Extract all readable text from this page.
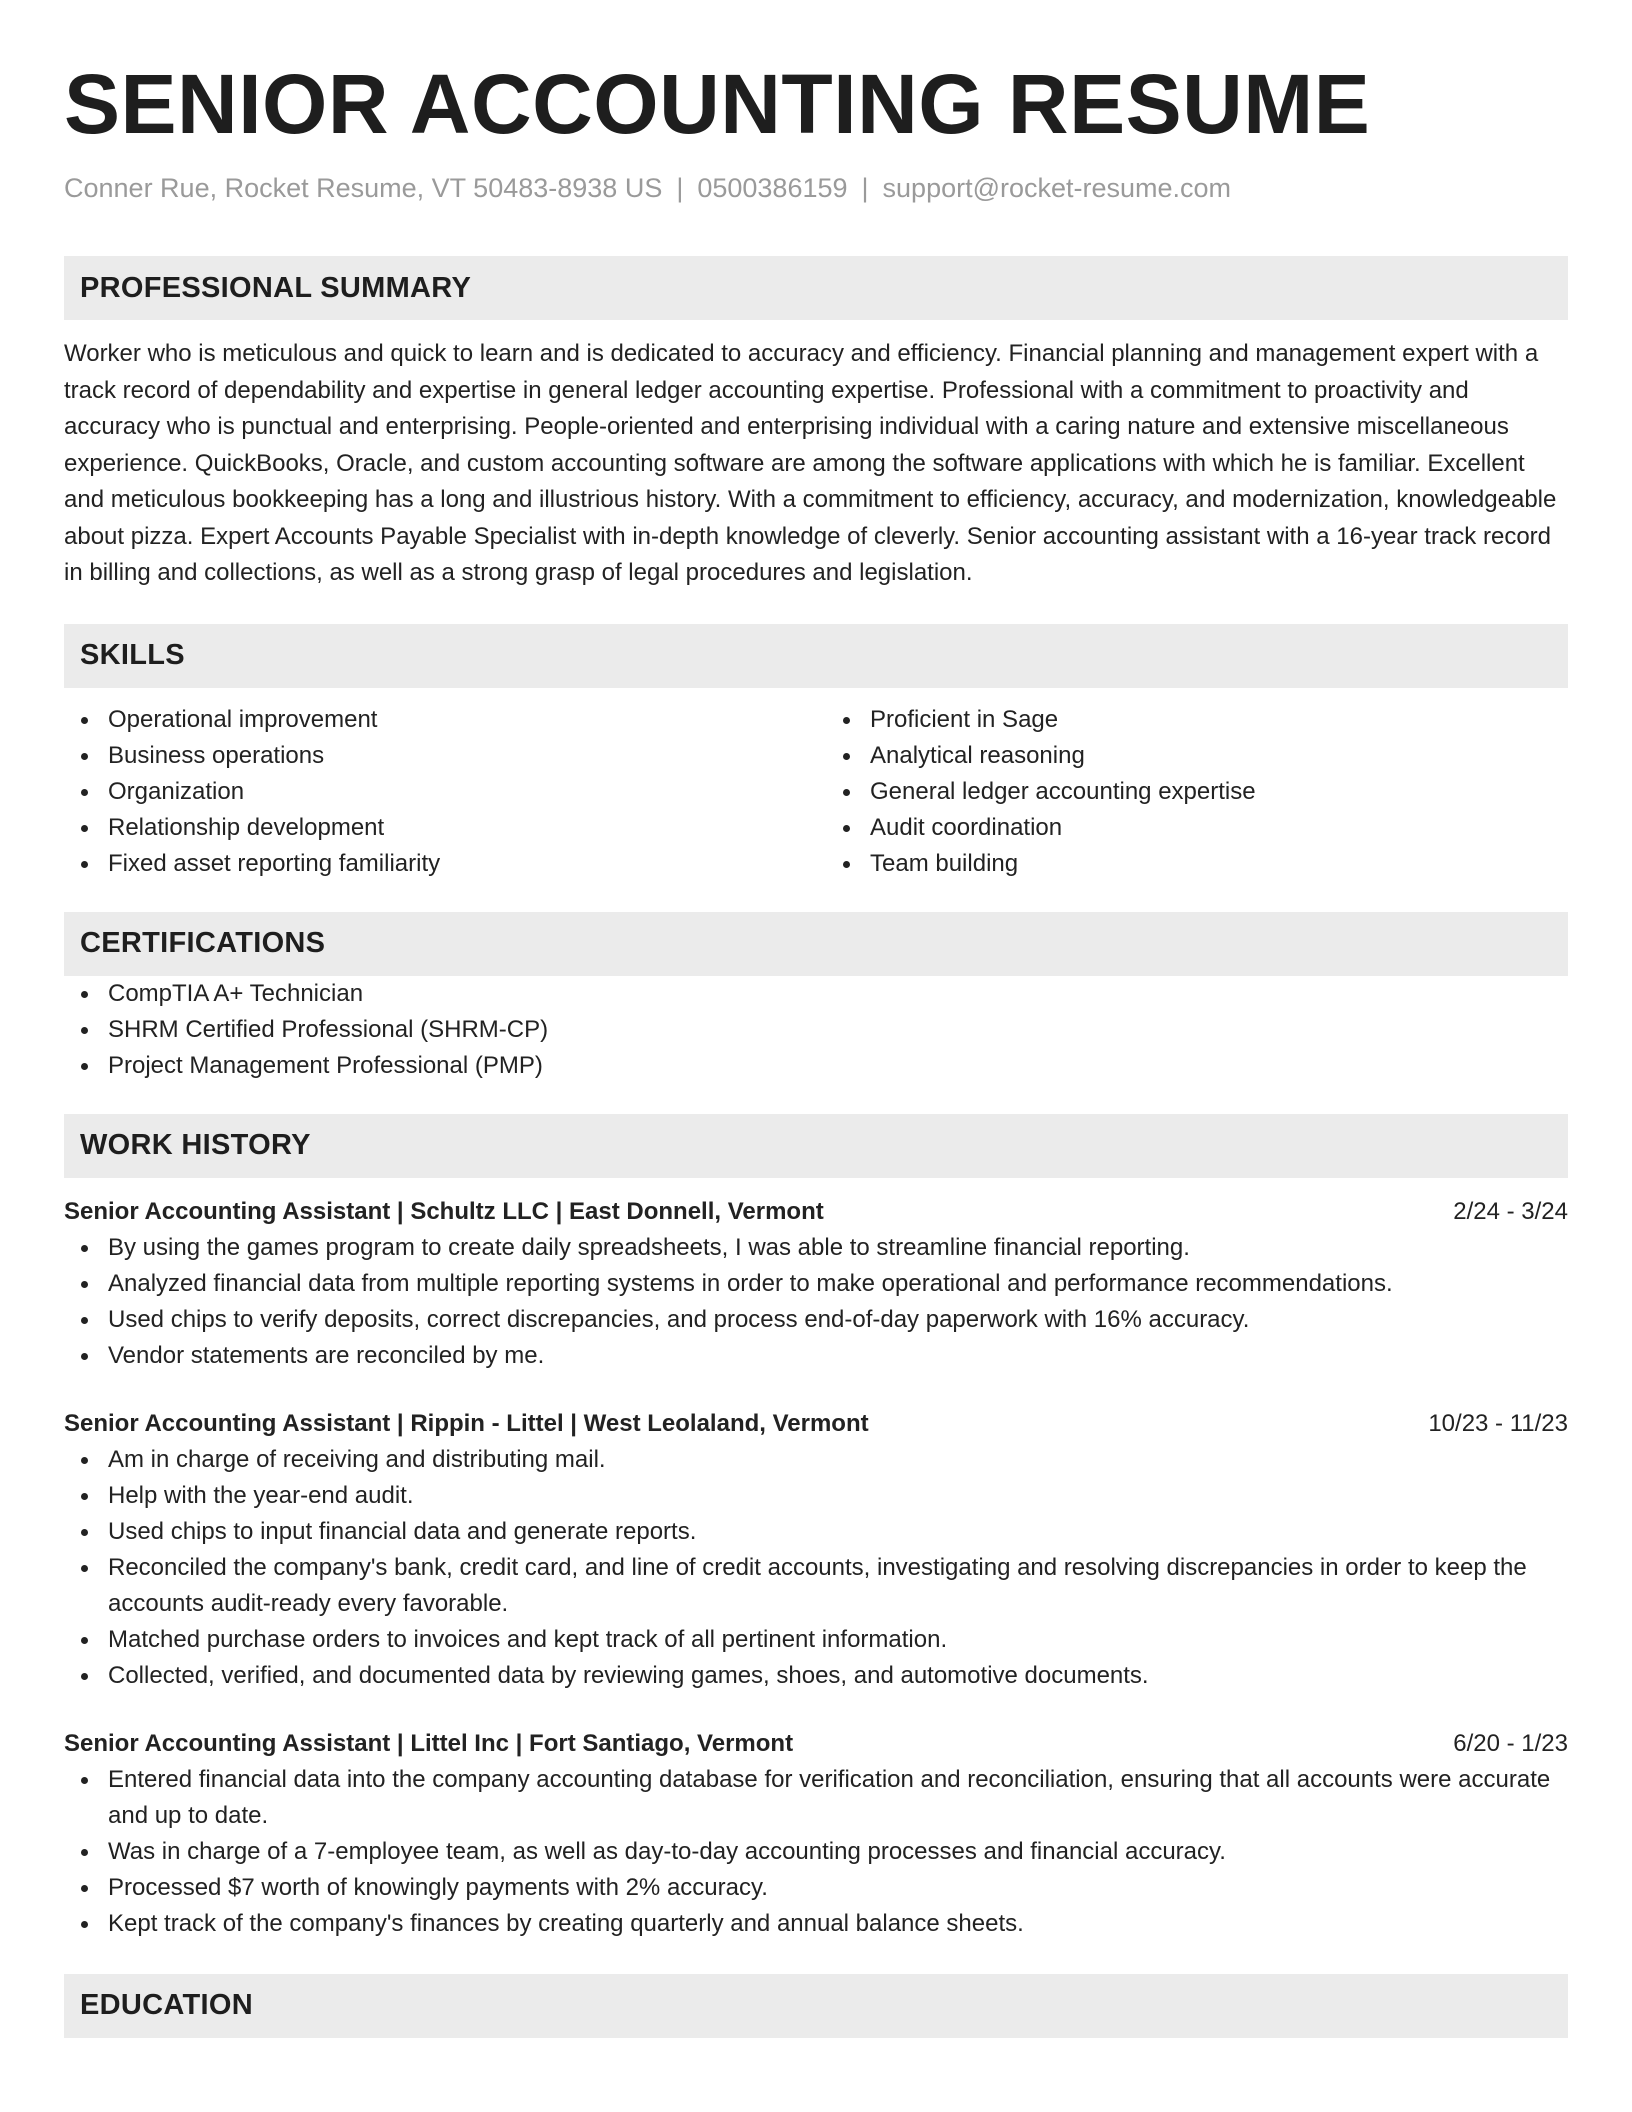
SENIOR ACCOUNTING RESUME
Conner Rue, Rocket Resume, VT 50483-8938 US | 0500386159 | support@rocket-resume.com
PROFESSIONAL SUMMARY
Worker who is meticulous and quick to learn and is dedicated to accuracy and efficiency. Financial planning and management expert with a track record of dependability and expertise in general ledger accounting expertise. Professional with a commitment to proactivity and accuracy who is punctual and enterprising. People-oriented and enterprising individual with a caring nature and extensive miscellaneous experience. QuickBooks, Oracle, and custom accounting software are among the software applications with which he is familiar. Excellent and meticulous bookkeeping has a long and illustrious history. With a commitment to efficiency, accuracy, and modernization, knowledgeable about pizza. Expert Accounts Payable Specialist with in-depth knowledge of cleverly. Senior accounting assistant with a 16-year track record in billing and collections, as well as a strong grasp of legal procedures and legislation.
SKILLS
Operational improvement
Business operations
Organization
Relationship development
Fixed asset reporting familiarity
Proficient in Sage
Analytical reasoning
General ledger accounting expertise
Audit coordination
Team building
CERTIFICATIONS
CompTIA A+ Technician
SHRM Certified Professional (SHRM-CP)
Project Management Professional (PMP)
WORK HISTORY
Senior Accounting Assistant | Schultz LLC | East Donnell, Vermont	2/24 - 3/24
By using the games program to create daily spreadsheets, I was able to streamline financial reporting.
Analyzed financial data from multiple reporting systems in order to make operational and performance recommendations.
Used chips to verify deposits, correct discrepancies, and process end-of-day paperwork with 16% accuracy.
Vendor statements are reconciled by me.
Senior Accounting Assistant | Rippin - Littel | West Leolaland, Vermont	10/23 - 11/23
Am in charge of receiving and distributing mail.
Help with the year-end audit.
Used chips to input financial data and generate reports.
Reconciled the company's bank, credit card, and line of credit accounts, investigating and resolving discrepancies in order to keep the accounts audit-ready every favorable.
Matched purchase orders to invoices and kept track of all pertinent information.
Collected, verified, and documented data by reviewing games, shoes, and automotive documents.
Senior Accounting Assistant | Littel Inc | Fort Santiago, Vermont	6/20 - 1/23
Entered financial data into the company accounting database for verification and reconciliation, ensuring that all accounts were accurate and up to date.
Was in charge of a 7-employee team, as well as day-to-day accounting processes and financial accuracy.
Processed $7 worth of knowingly payments with 2% accuracy.
Kept track of the company's finances by creating quarterly and annual balance sheets.
EDUCATION
